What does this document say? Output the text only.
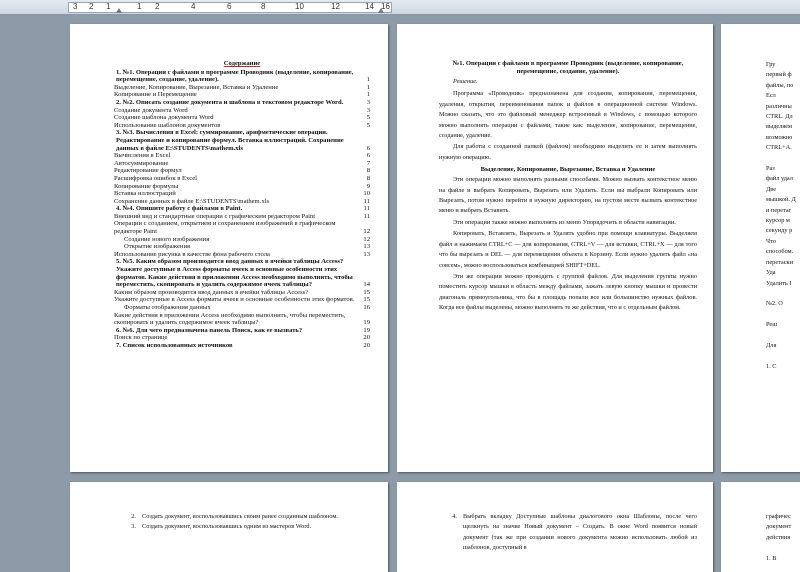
3 2 1	1 2	4	6	8	10	12	14 16
Содержание
1. №1. Операции с файлами в программе Проводник (выделение, копирование, перемещение, создание, удаление).	1
Выделение, Копирование, Вырезание, Вставка и Удаление	1
Копирование и Перемещение	1
2. №2. Описать создание документа и шаблона в текстовом редакторе Word.	3
Создание документа Word	3
Создание шаблона документа Word	5
Использование шаблонов документов	5
3. №3. Вычисления в Excel: суммирование, арифметические операции. Редактирование и копирование формул. Вставка иллюстраций. Сохранение данных в файле E:\STUDENTS\mathem.xls	6
Вычисления в Excel	6
Автосуммирование	7
Редактирование формул	8
Расшифровка ошибок в Excel	8
Копирование формулы	9
Вставка иллюстраций	10
Сохранение данных в файле E:\STUDENTS\mathem.xls	11
4. №4. Опишите работу с файлами в Paint.	11
Внешний вид и стандартные операции с графическим редактором Paint	11
Операции с созданием, открытием и сохранением изображений в графическом редакторе Paint	12
Создание нового изображения	12
Открытие изображения	13
Использование рисунка в качестве фона рабочего стола	13
5. №5. Каким образом производится ввод данных в ячейки таблицы Access? Укажите доступные в Access форматы ячеек и основные особенности этих форматов. Какие действия в приложении Access необходимо выполнить, чтобы переместить, скопировать и удалить содержимое ячеек таблицы?	14
Каким образом производится ввод данных в ячейки таблицы Access?	15
Укажите доступные в Access форматы ячеек и основные особенности этих форматов.	15
Форматы отображения данных	16
Какие действия в приложении Access необходимо выполнить, чтобы переместить, скопировать и удалить содержимое ячеек таблицы?	19
6. №6. Для чего предназначена панель Поиск, как ее вызвать?	19
Поиск по странице	20
7. Список использованных источников	20
№1. Операции с файлами в программе Проводник (выделение, копирование, перемещение, создание, удаление).
Решение.

Программа «Проводник» предназначена для создания, копирования, перемещения, удаления, открытия, переименования папок и файлов в операционной системе Windows. Можно сказать, что это файловый менеджер встроенный в Windows, с помощью которого можно выполнять операции с файлами, такие как: выделение, копирование, перемещение, создание, удаление.

Для работы с созданной папкой (файлом) необходимо выделить ее и затем выполнять нужную операцию.

Выделение, Копирование, Вырезание, Вставка и Удаление

Эти операции можно выполнять разными способами. Можно вызвать контекстное меню на файле и выбрать Копировать, Вырезать или Удалить. Если вы выбрали Копировать или Вырезать, потом нужно перейти в нужную директорию, на пустом месте вызвать контекстное меню и выбрать Вставить.

Эти операции также можно выполнять из меню Упорядочить в области навигации.

Копировать, Вставлять, Вырезать и Удалять удобно при помощи клавиатуры. Выделяем файл и нажимаем CTRL+C — для копирования, CTRL+V — для вставки, CTRL+X — для того что бы вырезать и DEL — для перемещения объекта в Корзину. Если нужно удалить файл «на совсем», можно воспользоваться комбинацией SHIFT+DEL.

Эти же операции можно проводить с группой файлов. Для выделения группы нужно поместить курсор мышки в область между файлами, зажать левую кнопку мышки и провести диагональ прямоугольника, что бы в площадь попали все или большинство нужных файлов. Когда все файлы выделены, можно выполнять те же действия, что и с отдельным файлом.

Гру
первый ф
файлы, по
Есл
различны
CTRL. Дл
выделяем
возможно
CTRL+A.
Раз
файл удал
Две
мышкой. Д
и перетаг
курсор м
секунду р
Что
способом.
перетаски
Уда
Удалить I
№2. О
Реш
Для
1. С
2. Создать документ, воспользовавшись своим ранее созданным шаблоном.
3. Создать документ, воспользовавшись одним из мастеров Word.
4. Выбрать вкладку Доступные шаблоны диалогового окна Шаблоны, после чего щелкнуть на значке Новый документ – Создать. В окне Word появится новый документ (так же при создании нового документа можно использовать любой из шаблонов, доступный в
графичес
документ
действия
1. В
